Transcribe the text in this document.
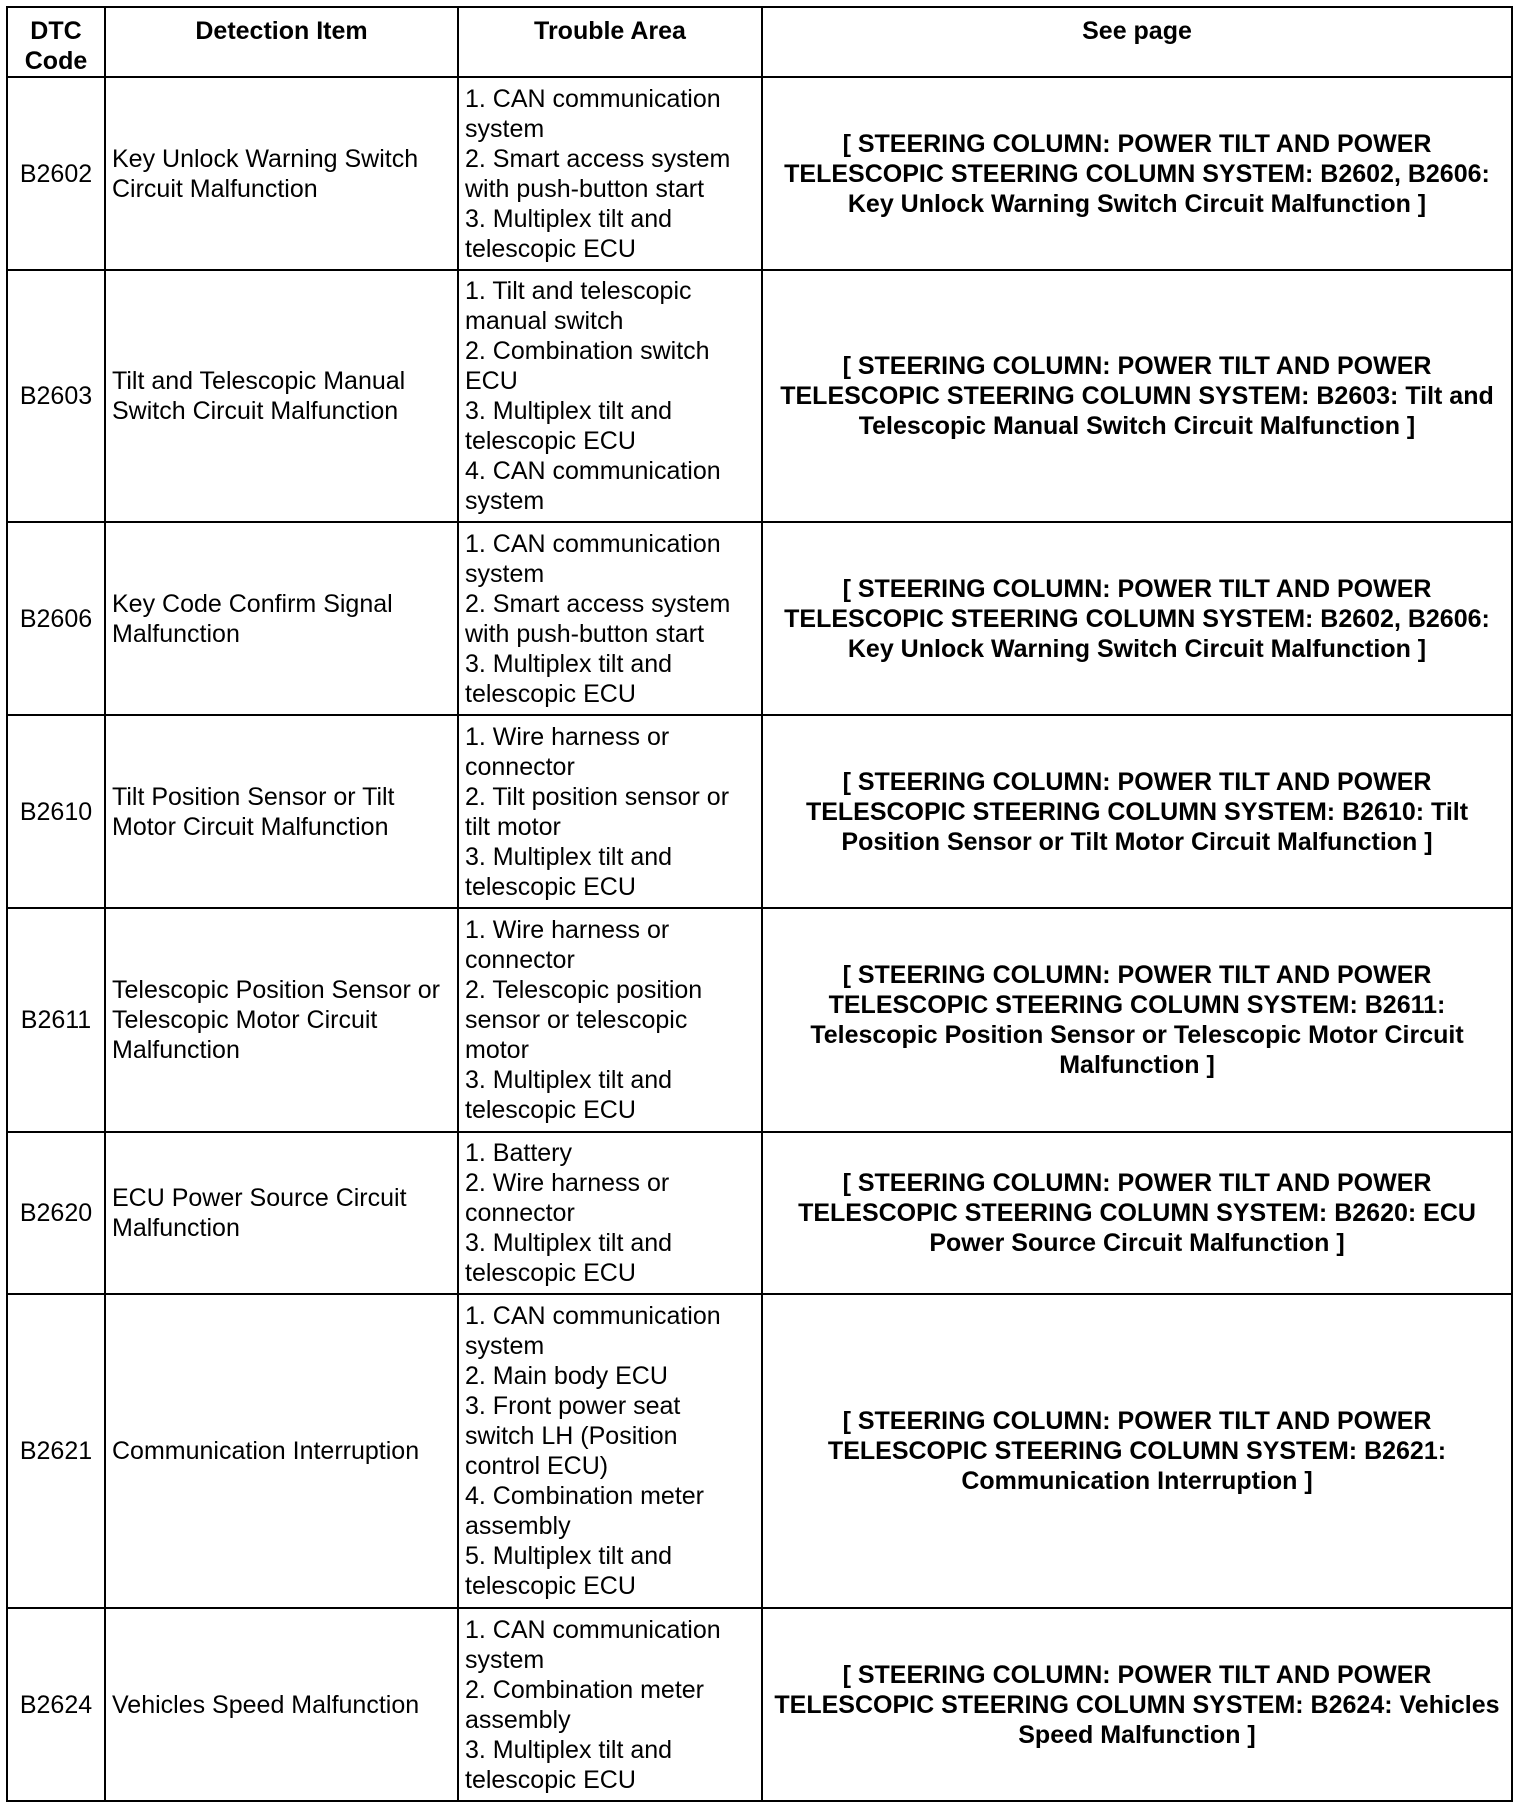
DTC Code	Detection Item	Trouble Area	See page
B2602	Key Unlock Warning Switch Circuit Malfunction	1. CAN communication system
2. Smart access system with push-button start
3. Multiplex tilt and telescopic ECU	[ STEERING COLUMN: POWER TILT AND POWER TELESCOPIC STEERING COLUMN SYSTEM: B2602, B2606: Key Unlock Warning Switch Circuit Malfunction ]
B2603	Tilt and Telescopic Manual Switch Circuit Malfunction	1. Tilt and telescopic manual switch
2. Combination switch ECU
3. Multiplex tilt and telescopic ECU
4. CAN communication system	[ STEERING COLUMN: POWER TILT AND POWER TELESCOPIC STEERING COLUMN SYSTEM: B2603: Tilt and Telescopic Manual Switch Circuit Malfunction ]
B2606	Key Code Confirm Signal Malfunction	1. CAN communication system
2. Smart access system with push-button start
3. Multiplex tilt and telescopic ECU	[ STEERING COLUMN: POWER TILT AND POWER TELESCOPIC STEERING COLUMN SYSTEM: B2602, B2606: Key Unlock Warning Switch Circuit Malfunction ]
B2610	Tilt Position Sensor or Tilt Motor Circuit Malfunction	1. Wire harness or connector
2. Tilt position sensor or tilt motor
3. Multiplex tilt and telescopic ECU	[ STEERING COLUMN: POWER TILT AND POWER TELESCOPIC STEERING COLUMN SYSTEM: B2610: Tilt Position Sensor or Tilt Motor Circuit Malfunction ]
B2611	Telescopic Position Sensor or Telescopic Motor Circuit Malfunction	1. Wire harness or connector
2. Telescopic position sensor or telescopic motor
3. Multiplex tilt and telescopic ECU	[ STEERING COLUMN: POWER TILT AND POWER TELESCOPIC STEERING COLUMN SYSTEM: B2611: Telescopic Position Sensor or Telescopic Motor Circuit Malfunction ]
B2620	ECU Power Source Circuit Malfunction	1. Battery
2. Wire harness or connector
3. Multiplex tilt and telescopic ECU	[ STEERING COLUMN: POWER TILT AND POWER TELESCOPIC STEERING COLUMN SYSTEM: B2620: ECU Power Source Circuit Malfunction ]
B2621	Communication Interruption	1. CAN communication system
2. Main body ECU
3. Front power seat switch LH (Position control ECU)
4. Combination meter assembly
5. Multiplex tilt and telescopic ECU	[ STEERING COLUMN: POWER TILT AND POWER TELESCOPIC STEERING COLUMN SYSTEM: B2621: Communication Interruption ]
B2624	Vehicles Speed Malfunction	1. CAN communication system
2. Combination meter assembly
3. Multiplex tilt and telescopic ECU	[ STEERING COLUMN: POWER TILT AND POWER TELESCOPIC STEERING COLUMN SYSTEM: B2624: Vehicles Speed Malfunction ]
